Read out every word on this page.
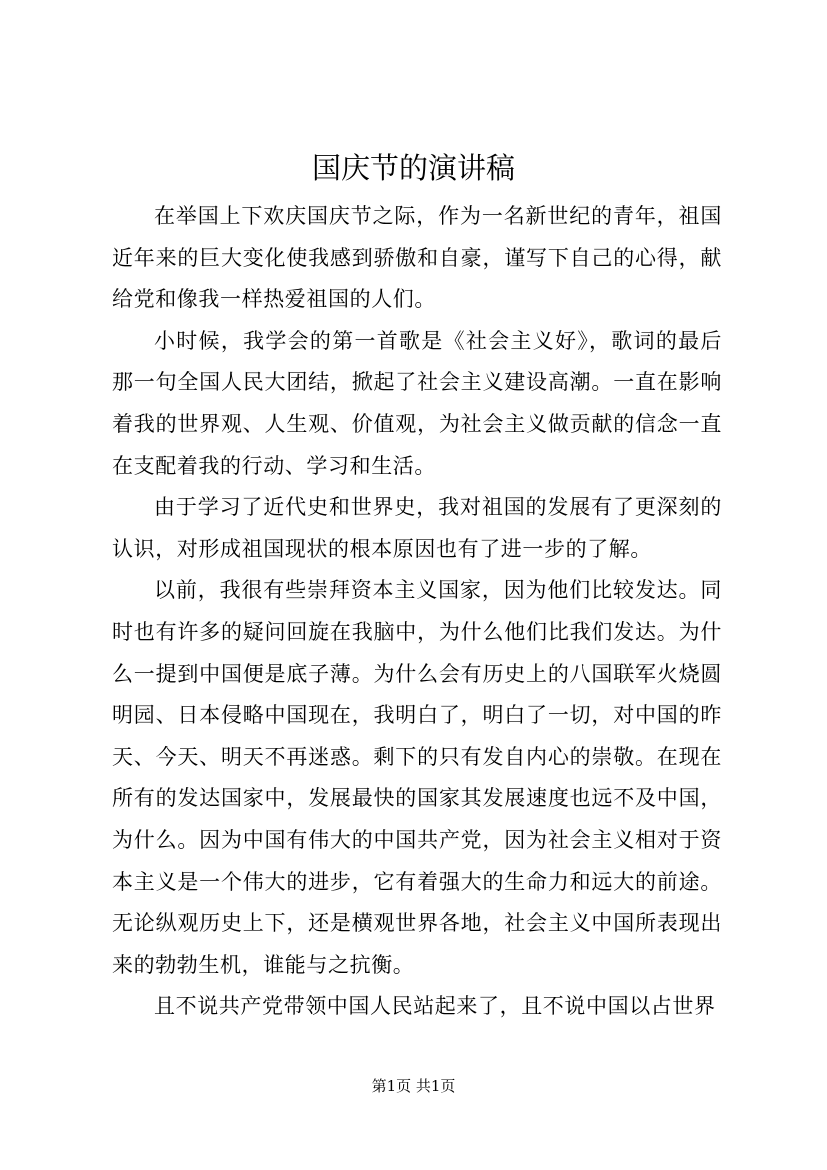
国庆节的演讲稿

在举国上下欢庆国庆节之际，作为一名新世纪的青年，祖国近年来的巨大变化使我感到骄傲和自豪，谨写下自己的心得，献给党和像我一样热爱祖国的人们。

小时候，我学会的第一首歌是《社会主义好》，歌词的最后那一句全国人民大团结，掀起了社会主义建设高潮。一直在影响着我的世界观、人生观、价值观，为社会主义做贡献的信念一直在支配着我的行动、学习和生活。

由于学习了近代史和世界史，我对祖国的发展有了更深刻的认识，对形成祖国现状的根本原因也有了进一步的了解。

以前，我很有些崇拜资本主义国家，因为他们比较发达。同时也有许多的疑问回旋在我脑中，为什么他们比我们发达。为什么一提到中国便是底子薄。为什么会有历史上的八国联军火烧圆明园、日本侵略中国现在，我明白了，明白了一切，对中国的昨天、今天、明天不再迷惑。剩下的只有发自内心的崇敬。在现在所有的发达国家中，发展最快的国家其发展速度也远不及中国，为什么。因为中国有伟大的中国共产党，因为社会主义相对于资本主义是一个伟大的进步，它有着强大的生命力和远大的前途。无论纵观历史上下，还是横观世界各地，社会主义中国所表现出来的勃勃生机，谁能与之抗衡。

且不说共产党带领中国人民站起来了，且不说中国以占世界

第1页 共1页
